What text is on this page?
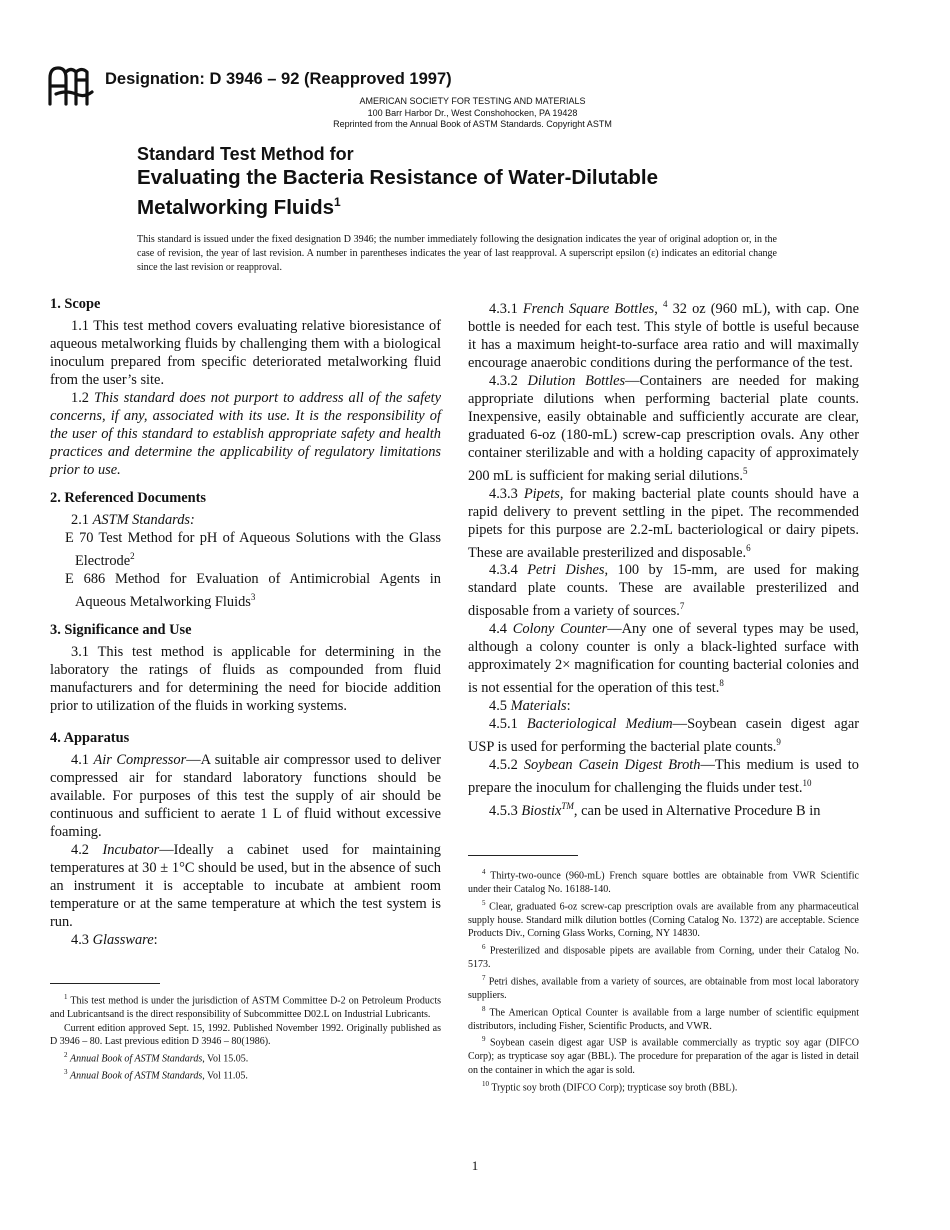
Designation: D 3946 – 92 (Reapproved 1997)
AMERICAN SOCIETY FOR TESTING AND MATERIALS
100 Barr Harbor Dr., West Conshohocken, PA 19428
Reprinted from the Annual Book of ASTM Standards. Copyright ASTM
Standard Test Method for
Evaluating the Bacteria Resistance of Water-Dilutable
Metalworking Fluids$^1$
This standard is issued under the fixed designation D 3946; the number immediately following the designation indicates the year of original adoption or, in the case of revision, the year of last revision. A number in parentheses indicates the year of last reapproval. A superscript epsilon (ε) indicates an editorial change since the last revision or reapproval.
1. Scope

1.1 This test method covers evaluating relative bioresistance of aqueous metalworking fluids by challenging them with a biological inoculum prepared from specific deteriorated metalworking fluid from the user’s site.

1.2 This standard does not purport to address all of the safety concerns, if any, associated with its use. It is the responsibility of the user of this standard to establish appropriate safety and health practices and determine the applicability of regulatory limitations prior to use.

2. Referenced Documents

2.1 ASTM Standards:

E 70 Test Method for pH of Aqueous Solutions with the Glass Electrode$^2$

E 686 Method for Evaluation of Antimicrobial Agents in Aqueous Metalworking Fluids$^3$

3. Significance and Use

3.1 This test method is applicable for determining in the laboratory the ratings of fluids as compounded from fluid manufacturers and for determining the need for biocide addition prior to utilization of the fluids in working systems.

4. Apparatus

4.1 Air Compressor—A suitable air compressor used to deliver compressed air for standard laboratory functions should be available. For purposes of this test the supply of air should be continuous and sufficient to aerate 1 L of fluid without excessive foaming.

4.2 Incubator—Ideally a cabinet used for maintaining temperatures at 30 ± 1°C should be used, but in the absence of such an instrument it is acceptable to incubate at ambient room temperature or at the same temperature at which the test system is run.

4.3 Glassware:

4.3.1 French Square Bottles, $^4$ 32 oz (960 mL), with cap. One bottle is needed for each test. This style of bottle is useful because it has a maximum height-to-surface area ratio and will maximally encourage anaerobic conditions during the performance of the test.

4.3.2 Dilution Bottles—Containers are needed for making appropriate dilutions when performing bacterial plate counts. Inexpensive, easily obtainable and sufficiently accurate are clear, graduated 6-oz (180-mL) screw-cap prescription ovals. Any other container sterilizable and with a holding capacity of approximately 200 mL is sufficient for making serial dilutions.$^5$

4.3.3 Pipets, for making bacterial plate counts should have a rapid delivery to prevent settling in the pipet. The recommended pipets for this purpose are 2.2-mL bacteriological or dairy pipets. These are available presterilized and disposable.$^6$

4.3.4 Petri Dishes, 100 by 15-mm, are used for making standard plate counts. These are available presterilized and disposable from a variety of sources.$^7$

4.4 Colony Counter—Any one of several types may be used, although a colony counter is only a black-lighted surface with approximately 2× magnification for counting bacterial colonies and is not essential for the operation of this test.$^8$

4.5 Materials:

4.5.1 Bacteriological Medium—Soybean casein digest agar USP is used for performing the bacterial plate counts.$^9$

4.5.2 Soybean Casein Digest Broth—This medium is used to prepare the inoculum for challenging the fluids under test.$^{10}$

4.5.3 Biostix™, can be used in Alternative Procedure B in

$^1$ This test method is under the jurisdiction of ASTM Committee D-2 on Petroleum Products and Lubricantsand is the direct responsibility of Subcommittee D02.L on Industrial Lubricants.

Current edition approved Sept. 15, 1992. Published November 1992. Originally published as D 3946 – 80. Last previous edition D 3946 – 80(1986).

$^2$ Annual Book of ASTM Standards, Vol 15.05.

$^3$ Annual Book of ASTM Standards, Vol 11.05.

$^4$ Thirty-two-ounce (960-mL) French square bottles are obtainable from VWR Scientific under their Catalog No. 16188-140.

$^5$ Clear, graduated 6-oz screw-cap prescription ovals are available from any pharmaceutical supply house. Standard milk dilution bottles (Corning Catalog No. 1372) are acceptable. Science Products Div., Corning Glass Works, Corning, NY 14830.

$^6$ Presterilized and disposable pipets are available from Corning, under their Catalog No. 5173.

$^7$ Petri dishes, available from a variety of sources, are obtainable from most local laboratory suppliers.

$^8$ The American Optical Counter is available from a large number of scientific equipment distributors, including Fisher, Scientific Products, and VWR.

$^9$ Soybean casein digest agar USP is available commercially as tryptic soy agar (DIFCO Corp); as trypticase soy agar (BBL). The procedure for preparation of the agar is listed in detail on the container in which the agar is sold.

$^{10}$ Tryptic soy broth (DIFCO Corp); trypticase soy broth (BBL).

1
